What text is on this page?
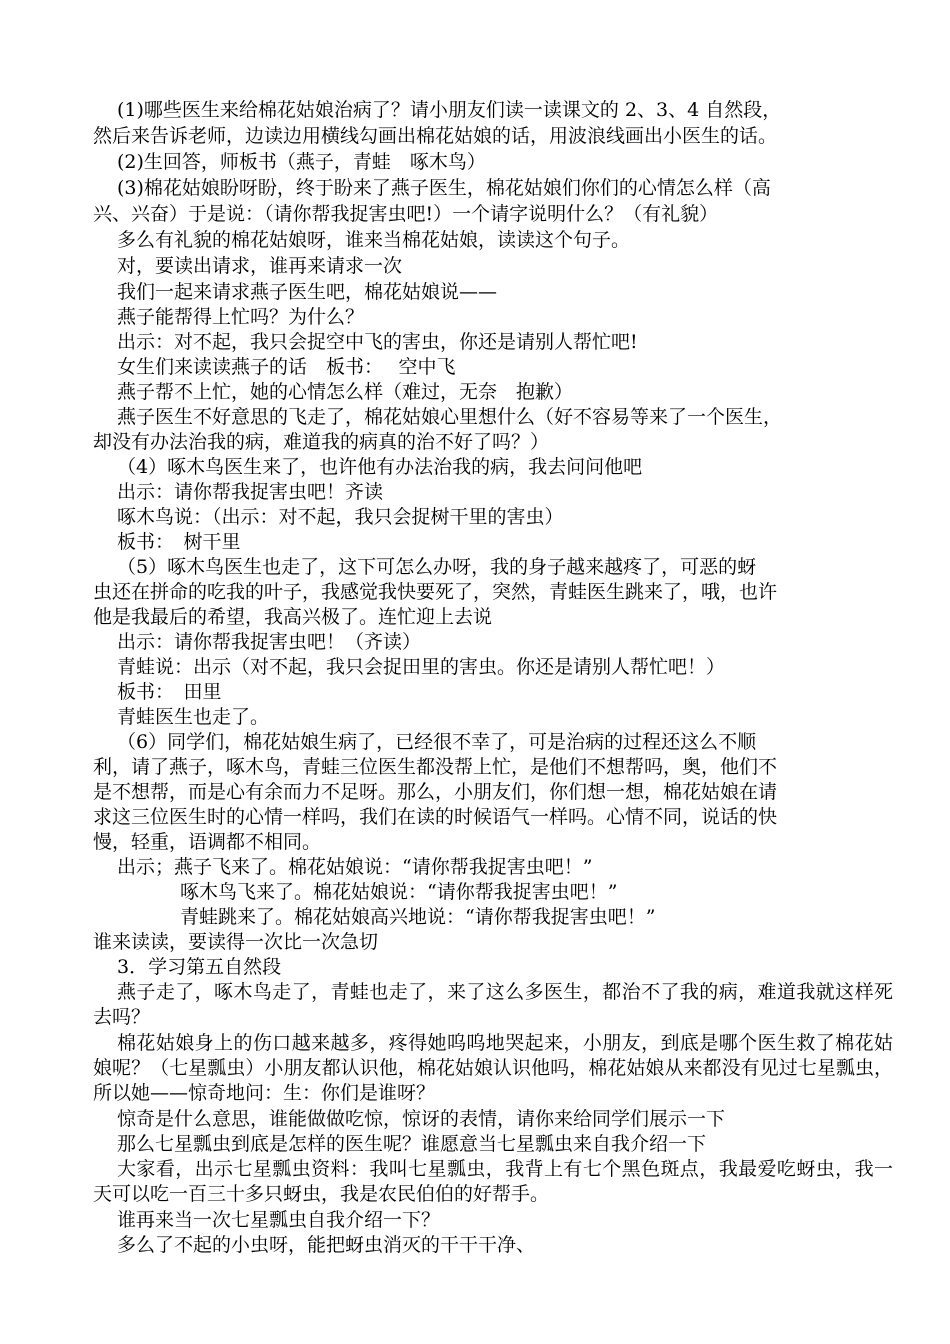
(1)哪些医生来给棉花姑娘治病了？请小朋友们读一读课文的 2、3、4 自然段，

然后来告诉老师，边读边用横线勾画出棉花姑娘的话，用波浪线画出小医生的话。

(2)生回答，师板书（燕子，青蛙　啄木鸟）

(3)棉花姑娘盼呀盼，终于盼来了燕子医生，棉花姑娘们你们的心情怎么样（高

兴、兴奋）于是说：（请你帮我捉害虫吧!）一个请字说明什么？（有礼貌）

多么有礼貌的棉花姑娘呀，谁来当棉花姑娘，读读这个句子。

对，要读出请求，谁再来请求一次

我们一起来请求燕子医生吧，棉花姑娘说——

燕子能帮得上忙吗？为什么？

出示：对不起，我只会捉空中飞的害虫，你还是请别人帮忙吧!

女生们来读读燕子的话　板书：　 空中飞

燕子帮不上忙，她的心情怎么样（难过，无奈　抱歉）

燕子医生不好意思的飞走了，棉花姑娘心里想什么（好不容易等来了一个医生，

却没有办法治我的病，难道我的病真的治不好了吗？）

（4）啄木鸟医生来了，也许他有办法治我的病，我去问问他吧

出示：请你帮我捉害虫吧！齐读

啄木鸟说：（出示：对不起，我只会捉树干里的害虫）

板书：　树干里

（5）啄木鸟医生也走了，这下可怎么办呀，我的身子越来越疼了，可恶的蚜

虫还在拼命的吃我的叶子，我感觉我快要死了，突然，青蛙医生跳来了，哦，也许

他是我最后的希望，我高兴极了。连忙迎上去说

出示：请你帮我捉害虫吧！（齐读）

青蛙说：出示（对不起，我只会捉田里的害虫。你还是请别人帮忙吧！）

板书：　田里

青蛙医生也走了。

（6）同学们，棉花姑娘生病了，已经很不幸了，可是治病的过程还这么不顺

利，请了燕子，啄木鸟，青蛙三位医生都没帮上忙，是他们不想帮吗，奥，他们不

是不想帮，而是心有余而力不足呀。那么，小朋友们，你们想一想，棉花姑娘在请

求这三位医生时的心情一样吗，我们在读的时候语气一样吗。心情不同，说话的快

慢，轻重，语调都不相同。

出示；燕子飞来了。棉花姑娘说：“请你帮我捉害虫吧！”

啄木鸟飞来了。棉花姑娘说：“请你帮我捉害虫吧！”

青蛙跳来了。棉花姑娘高兴地说：“请你帮我捉害虫吧！”

谁来读读，要读得一次比一次急切

3．学习第五自然段

燕子走了，啄木鸟走了，青蛙也走了，来了这么多医生，都治不了我的病，难道我就这样死去吗？

棉花姑娘身上的伤口越来越多，疼得她呜呜地哭起来，小朋友，到底是哪个医生救了棉花姑娘呢？（七星瓢虫）小朋友都认识他，棉花姑娘认识他吗，棉花姑娘从来都没有见过七星瓢虫，所以她——惊奇地问：生：你们是谁呀？

惊奇是什么意思，谁能做做吃惊，惊讶的表情，请你来给同学们展示一下

那么七星瓢虫到底是怎样的医生呢？谁愿意当七星瓢虫来自我介绍一下

大家看，出示七星瓢虫资料：我叫七星瓢虫，我背上有七个黑色斑点，我最爱吃蚜虫，我一天可以吃一百三十多只蚜虫，我是农民伯伯的好帮手。

谁再来当一次七星瓢虫自我介绍一下？

多么了不起的小虫呀，能把蚜虫消灭的干干干净、
